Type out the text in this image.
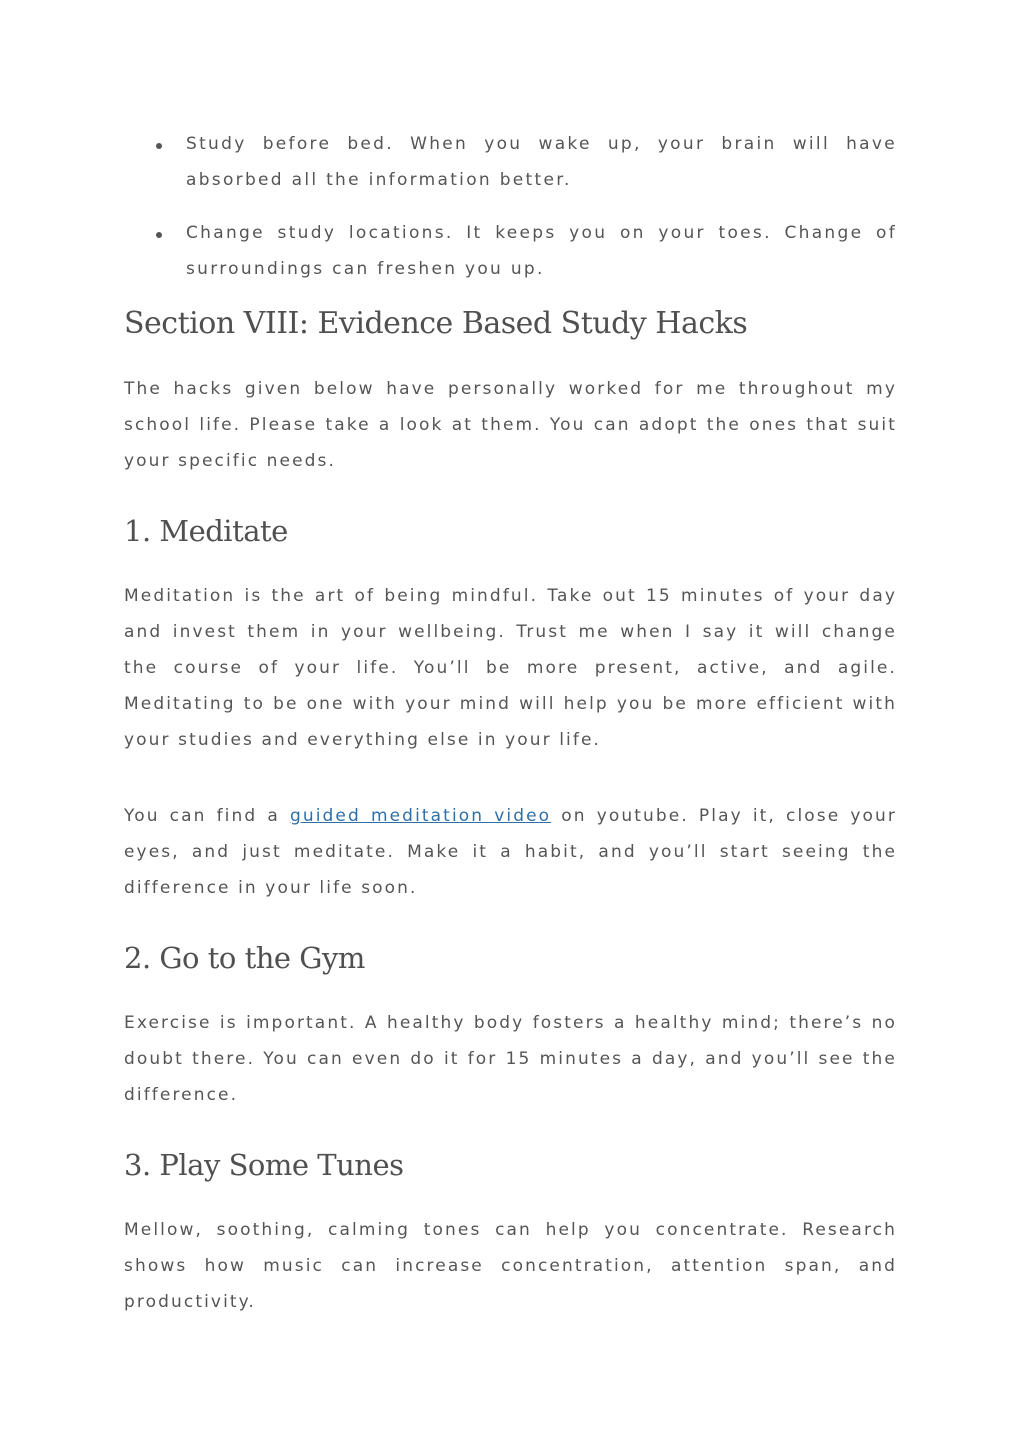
Study before bed. When you wake up, your brain will have absorbed all the information better.
Change study locations. It keeps you on your toes. Change of surroundings can freshen you up.
Section VIII: Evidence Based Study Hacks

The hacks given below have personally worked for me throughout my school life. Please take a look at them. You can adopt the ones that suit your specific needs.

1. Meditate

Meditation is the art of being mindful. Take out 15 minutes of your day and invest them in your wellbeing. Trust me when I say it will change the course of your life. You’ll be more present, active, and agile. Meditating to be one with your mind will help you be more efficient with your studies and everything else in your life.

You can find a guided meditation video on youtube. Play it, close your eyes, and just meditate. Make it a habit, and you’ll start seeing the difference in your life soon.

2. Go to the Gym

Exercise is important. A healthy body fosters a healthy mind; there’s no doubt there. You can even do it for 15 minutes a day, and you’ll see the difference.

3. Play Some Tunes

Mellow, soothing, calming tones can help you concentrate. Research shows how music can increase concentration, attention span, and productivity.
